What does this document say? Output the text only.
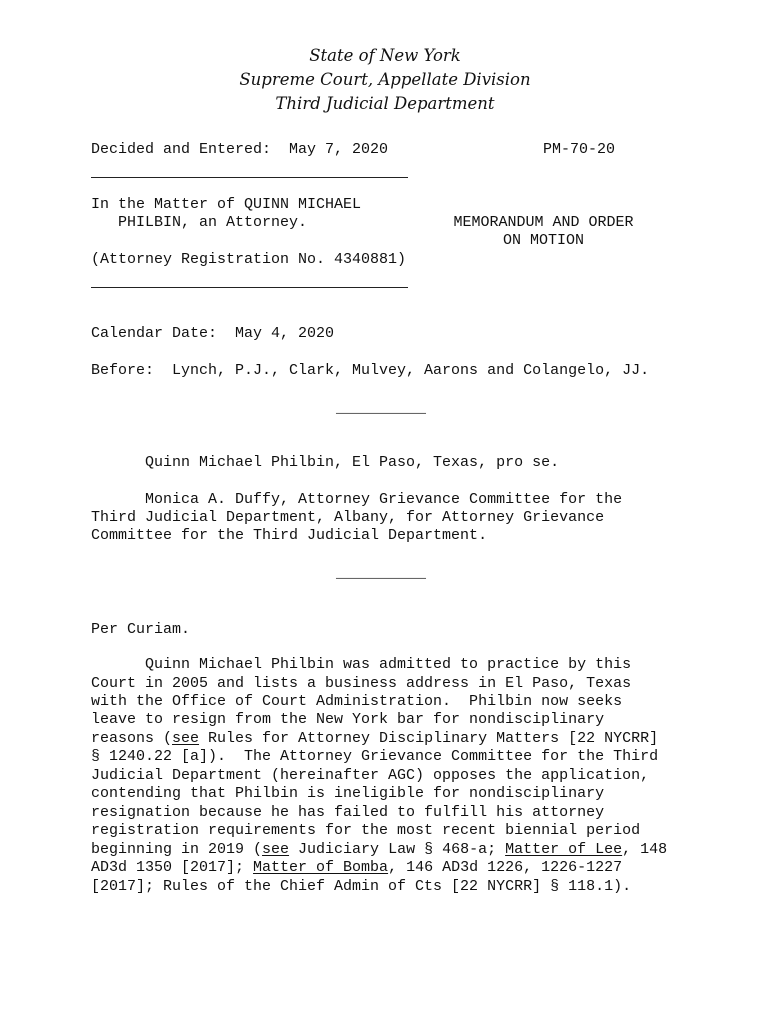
State of New York
Supreme Court, Appellate Division
Third Judicial Department
Decided and Entered:  May 7, 2020	PM-70-20
In the Matter of QUINN MICHAEL
PHILBIN, an Attorney.
(Attorney Registration No. 4340881)
MEMORANDUM AND ORDER
ON MOTION
Calendar Date:  May 4, 2020
Before:  Lynch, P.J., Clark, Mulvey, Aarons and Colangelo, JJ.
__________
Quinn Michael Philbin, El Paso, Texas, pro se.
Monica A. Duffy, Attorney Grievance Committee for the
Third Judicial Department, Albany, for Attorney Grievance
Committee for the Third Judicial Department.
__________
Per Curiam.
Quinn Michael Philbin was admitted to practice by this
Court in 2005 and lists a business address in El Paso, Texas
with the Office of Court Administration.  Philbin now seeks
leave to resign from the New York bar for nondisciplinary
reasons (see Rules for Attorney Disciplinary Matters [22 NYCRR]
§ 1240.22 [a]).  The Attorney Grievance Committee for the Third
Judicial Department (hereinafter AGC) opposes the application,
contending that Philbin is ineligible for nondisciplinary
resignation because he has failed to fulfill his attorney
registration requirements for the most recent biennial period
beginning in 2019 (see Judiciary Law § 468-a; Matter of Lee, 148
AD3d 1350 [2017]; Matter of Bomba, 146 AD3d 1226, 1226-1227
[2017]; Rules of the Chief Admin of Cts [22 NYCRR] § 118.1).
